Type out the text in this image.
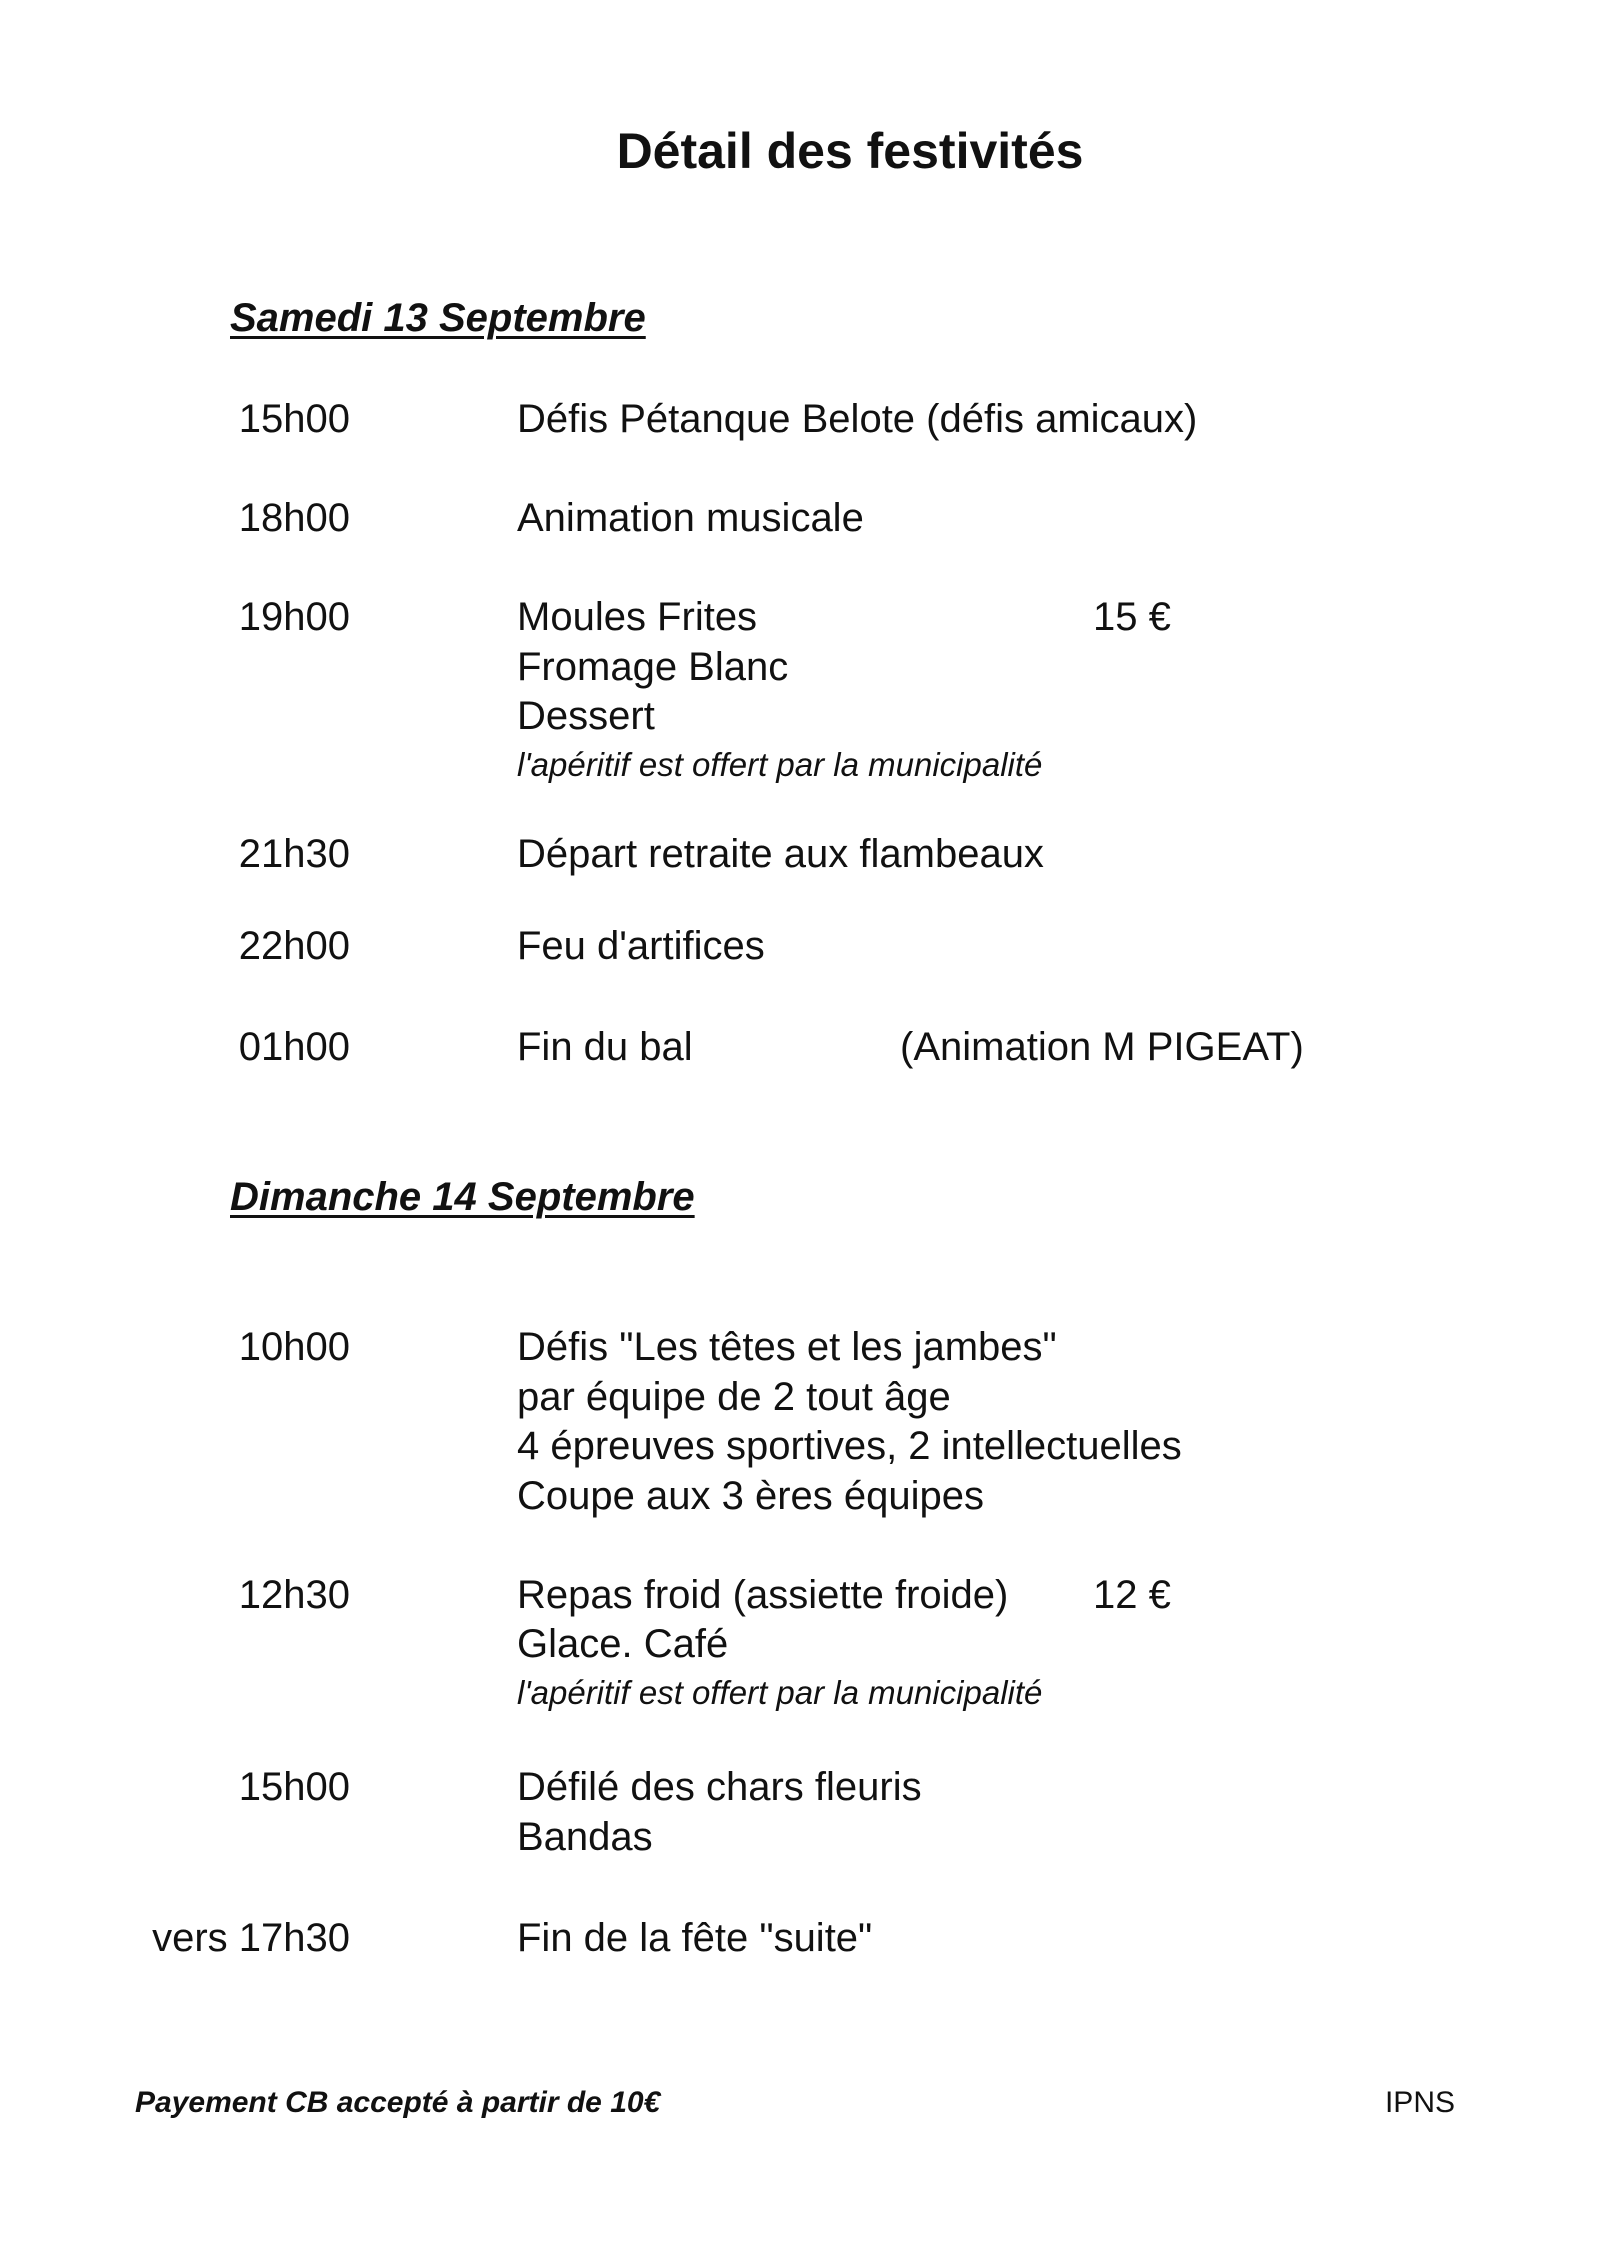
Détail des festivités
Samedi 13 Septembre
15h00	Défis Pétanque Belote (défis amicaux)
18h00	Animation musicale
19h00	Moules Frites	15 €
Fromage Blanc
Dessert
l'apéritif est offert par la municipalité
21h30	Départ retraite aux flambeaux
22h00	Feu d'artifices
01h00	Fin du bal	(Animation M PIGEAT)
Dimanche 14 Septembre
10h00	Défis "Les têtes et les jambes"
par équipe de 2 tout âge
4 épreuves sportives, 2 intellectuelles
Coupe aux 3 ères équipes
12h30	Repas froid (assiette froide) 12 €
Glace. Café
l'apéritif est offert par la municipalité
15h00	Défilé des chars fleuris
Bandas
vers 17h30	Fin de la fête "suite"
Payement CB accepté à partir de 10€	IPNS
